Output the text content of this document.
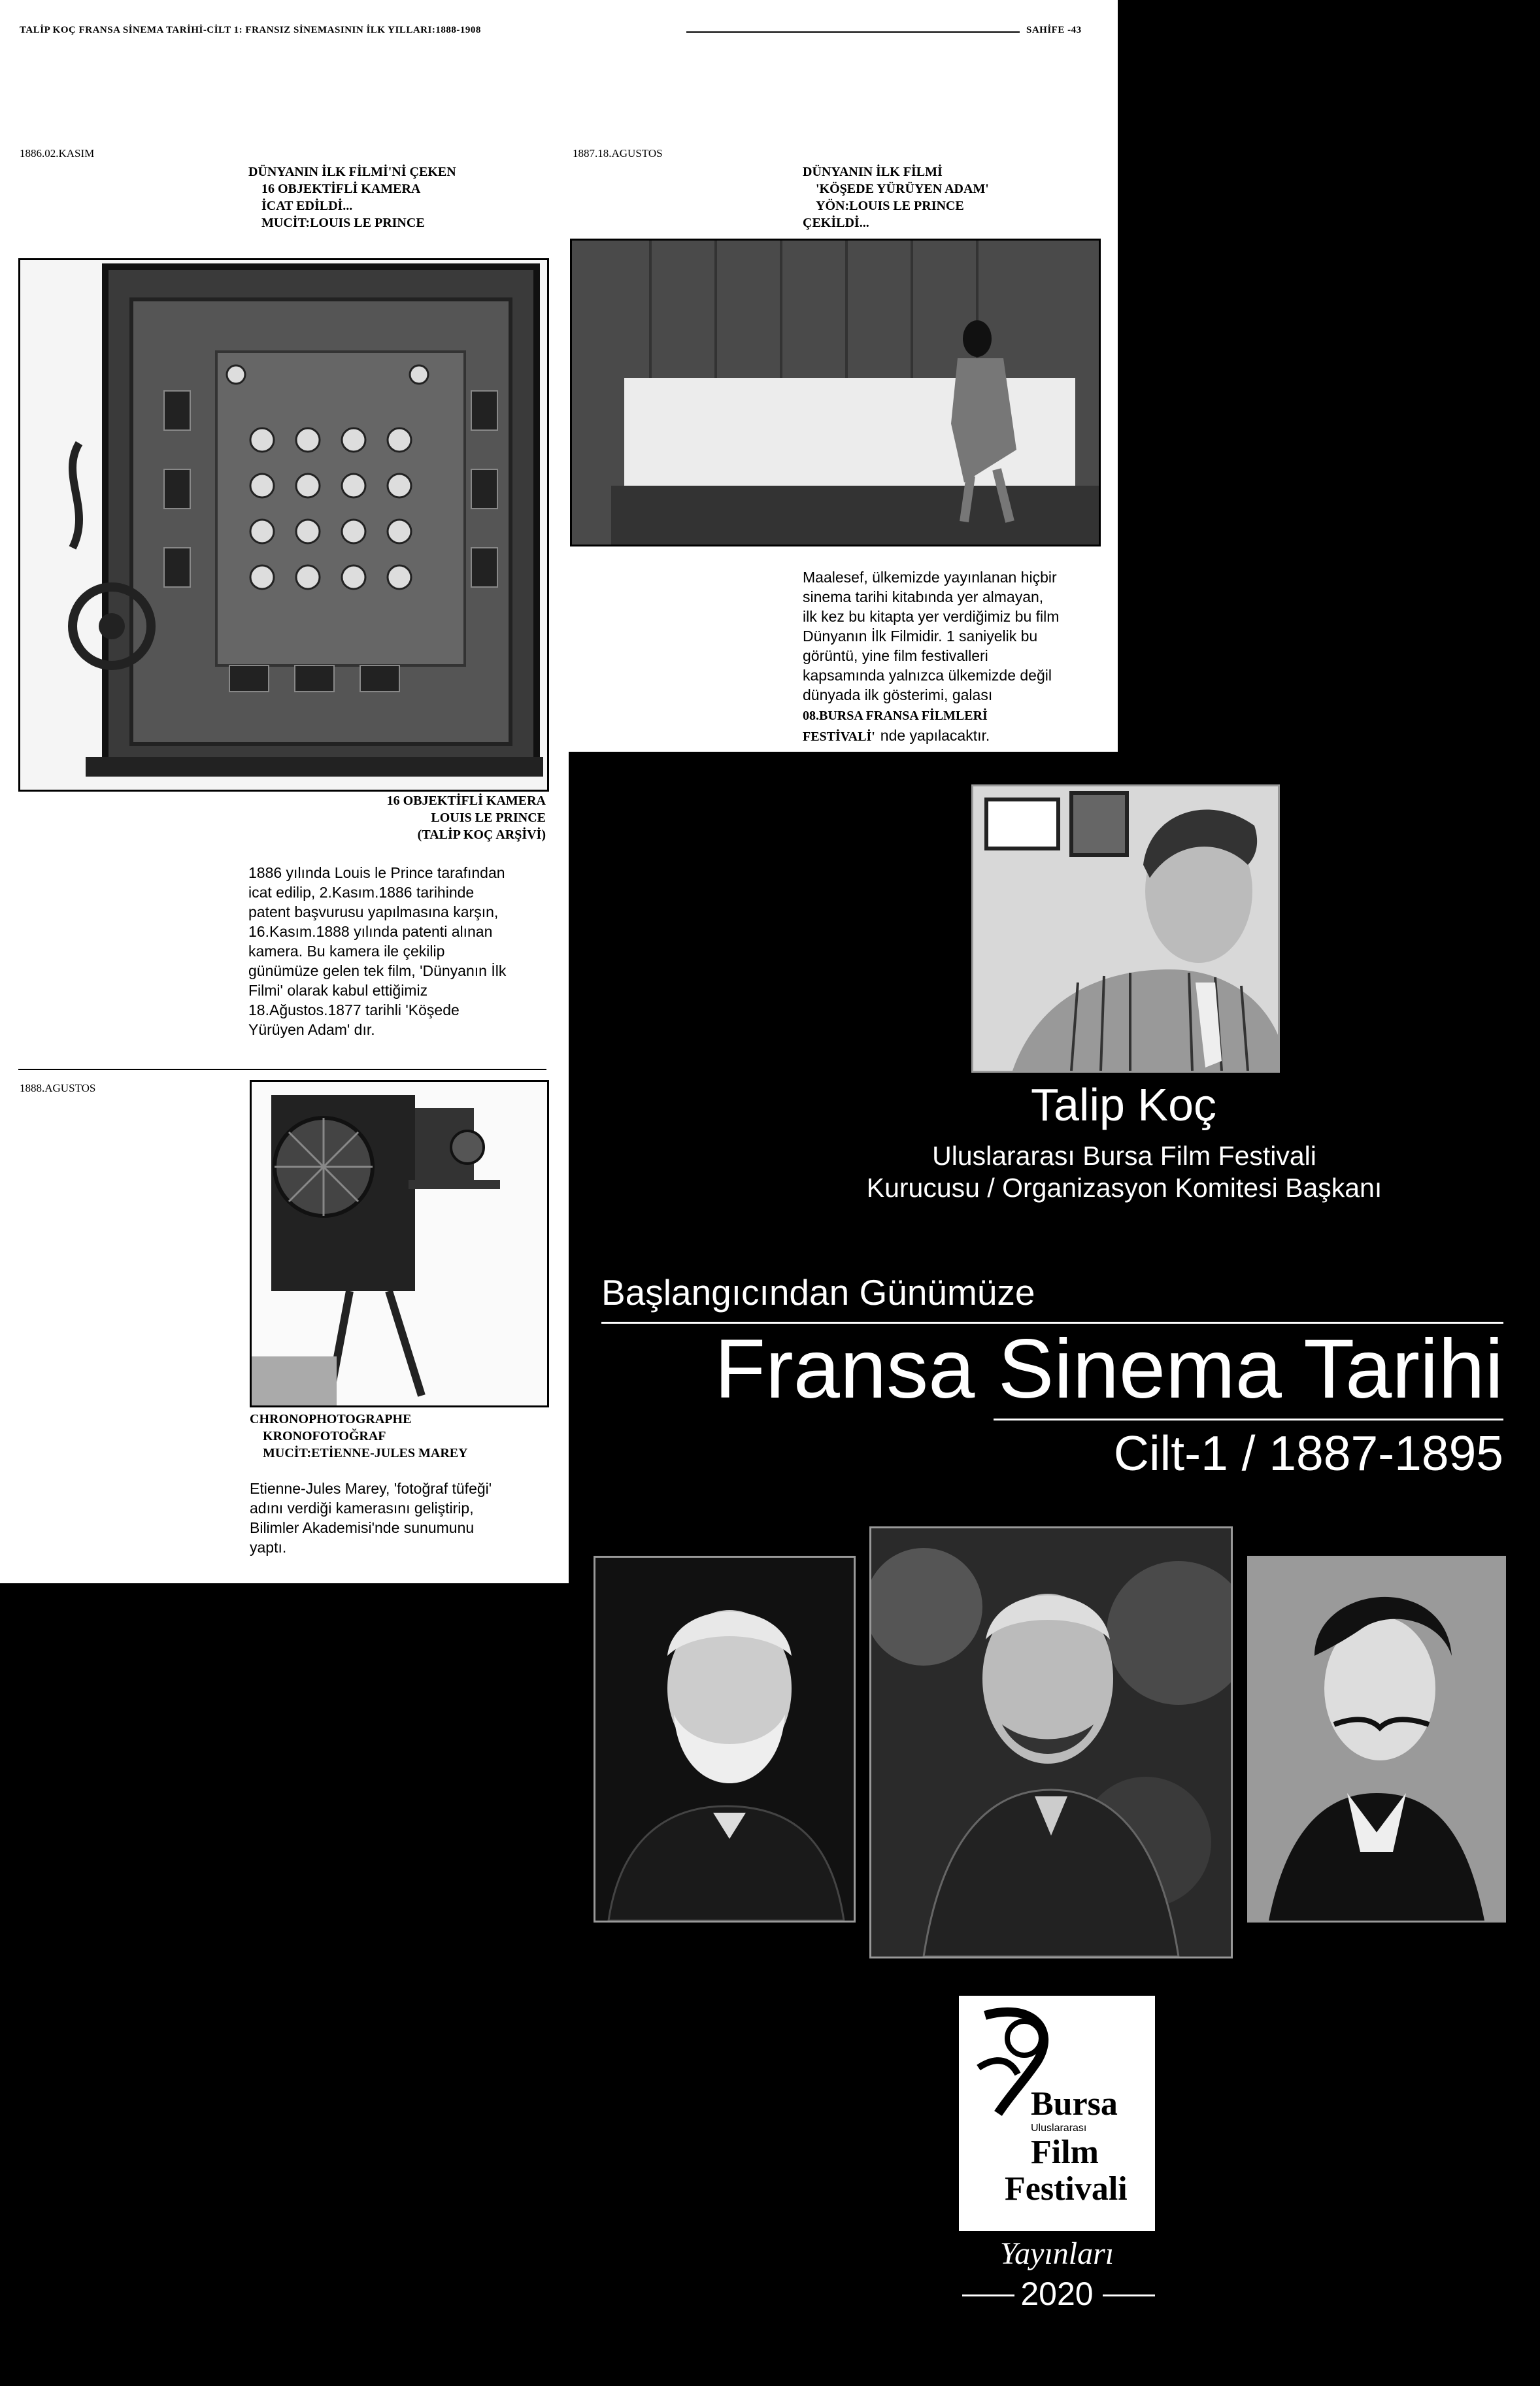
TALİP KOÇ FRANSA SİNEMA TARİHİ-CİLT 1: FRANSIZ SİNEMASININ İLK YILLARI:1888-1908	SAHİFE -43
1886.02.KASIM
DÜNYANIN İLK FİLMİ'Nİ ÇEKEN
16 OBJEKTİFLİ KAMERA
İCAT EDİLDİ...
MUCİT:LOUIS LE PRINCE
16 OBJEKTİFLİ KAMERA
LOUIS LE PRINCE
(TALİP KOÇ ARŞİVİ)
1886 yılında Louis le Prince tarafından
icat edilip, 2.Kasım.1886 tarihinde
patent başvurusu yapılmasına karşın,
16.Kasım.1888 yılında patenti alınan
kamera. Bu kamera ile çekilip
günümüze gelen tek film, 'Dünyanın İlk
Filmi' olarak kabul ettiğimiz
18.Ağustos.1877 tarihli 'Köşede
Yürüyen Adam' dır.
1887.18.AGUSTOS
DÜNYANIN İLK FİLMİ
'KÖŞEDE YÜRÜYEN ADAM'
YÖN:LOUIS LE PRINCE
ÇEKİLDİ...
Maalesef, ülkemizde yayınlanan hiçbir
sinema tarihi kitabında yer almayan,
ilk kez bu kitapta yer verdiğimiz bu film
Dünyanın İlk Filmidir. 1 saniyelik bu
görüntü, yine film festivalleri
kapsamında yalnızca ülkemizde değil
dünyada ilk gösterimi, galası
08.BURSA FRANSA FİLMLERİ
FESTİVALİ' nde yapılacaktır.
1888.AGUSTOS
CHRONOPHOTOGRAPHE
KRONOFOTOĞRAF
MUCİT:ETİENNE-JULES MAREY
Etienne-Jules Marey, 'fotoğraf tüfeği'
adını verdiği kamerasını geliştirip,
Bilimler Akademisi'nde sunumunu
yaptı.
Talip Koç
Uluslararası Bursa Film Festivali
Kurucusu / Organizasyon Komitesi Başkanı
Başlangıcından Günümüze
Fransa Sinema Tarihi
Cilt-1 / 1887-1895
Bursa
Uluslararası
Film
Festivali
Yayınları
2020
